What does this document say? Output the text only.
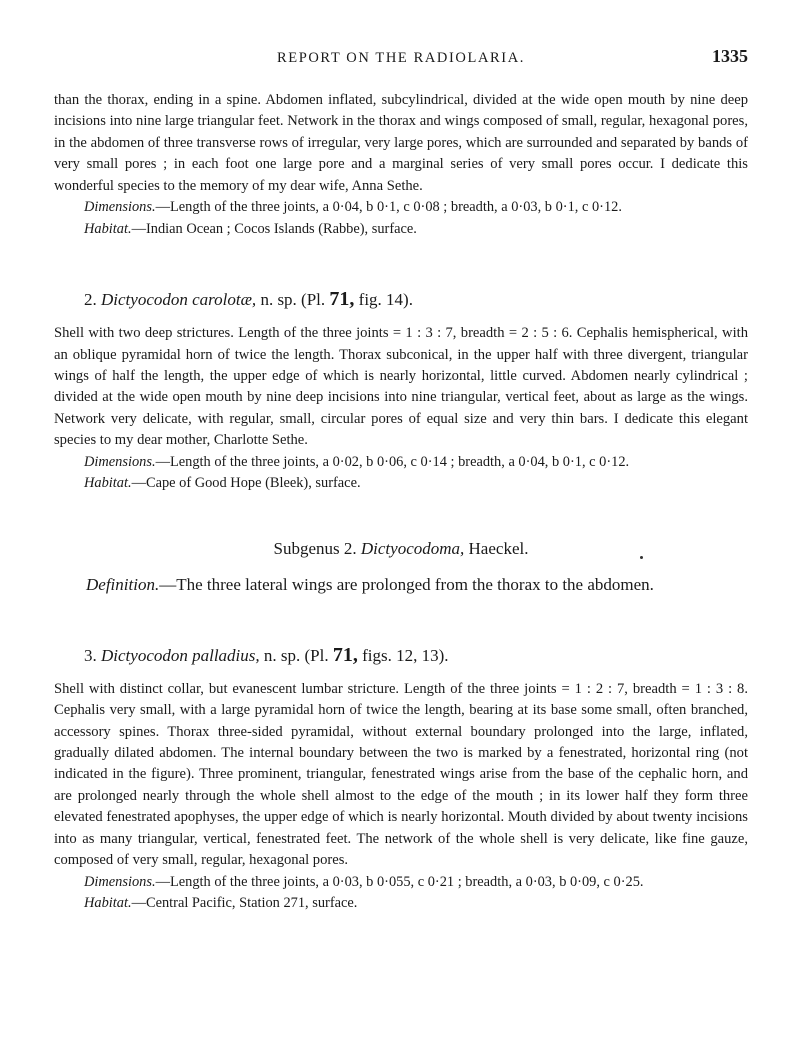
REPORT ON THE RADIOLARIA.	1335

than the thorax, ending in a spine. Abdomen inflated, subcylindrical, divided at the wide open mouth by nine deep incisions into nine large triangular feet. Network in the thorax and wings composed of small, regular, hexagonal pores, in the abdomen of three transverse rows of irregular, very large pores, which are surrounded and separated by bands of very small pores ; in each foot one large pore and a marginal series of very small pores occur. I dedicate this wonderful species to the memory of my dear wife, Anna Sethe.

Dimensions.—Length of the three joints, a 0·04, b 0·1, c 0·08 ; breadth, a 0·03, b 0·1, c 0·12.

Habitat.—Indian Ocean ; Cocos Islands (Rabbe), surface.

2. Dictyocodon carolotæ, n. sp. (Pl. 71, fig. 14).

Shell with two deep strictures. Length of the three joints = 1 : 3 : 7, breadth = 2 : 5 : 6. Cephalis hemispherical, with an oblique pyramidal horn of twice the length. Thorax subconical, in the upper half with three divergent, triangular wings of half the length, the upper edge of which is nearly horizontal, little curved. Abdomen nearly cylindrical ; divided at the wide open mouth by nine deep incisions into nine triangular, vertical feet, about as large as the wings. Network very delicate, with regular, small, circular pores of equal size and very thin bars. I dedicate this elegant species to my dear mother, Charlotte Sethe.

Dimensions.—Length of the three joints, a 0·02, b 0·06, c 0·14 ; breadth, a 0·04, b 0·1, c 0·12.

Habitat.—Cape of Good Hope (Bleek), surface.

Subgenus 2. Dictyocodoma, Haeckel.

Definition.—The three lateral wings are prolonged from the thorax to the abdomen.

3. Dictyocodon palladius, n. sp. (Pl. 71, figs. 12, 13).

Shell with distinct collar, but evanescent lumbar stricture. Length of the three joints = 1 : 2 : 7, breadth = 1 : 3 : 8. Cephalis very small, with a large pyramidal horn of twice the length, bearing at its base some small, often branched, accessory spines. Thorax three-sided pyramidal, without external boundary prolonged into the large, inflated, gradually dilated abdomen. The internal boundary between the two is marked by a fenestrated, horizontal ring (not indicated in the figure). Three prominent, triangular, fenestrated wings arise from the base of the cephalic horn, and are prolonged nearly through the whole shell almost to the edge of the mouth ; in its lower half they form three elevated fenestrated apophyses, the upper edge of which is nearly horizontal. Mouth divided by about twenty incisions into as many triangular, vertical, fenestrated feet. The network of the whole shell is very delicate, like fine gauze, composed of very small, regular, hexagonal pores.

Dimensions.—Length of the three joints, a 0·03, b 0·055, c 0·21 ; breadth, a 0·03, b 0·09, c 0·25.

Habitat.—Central Pacific, Station 271, surface.
